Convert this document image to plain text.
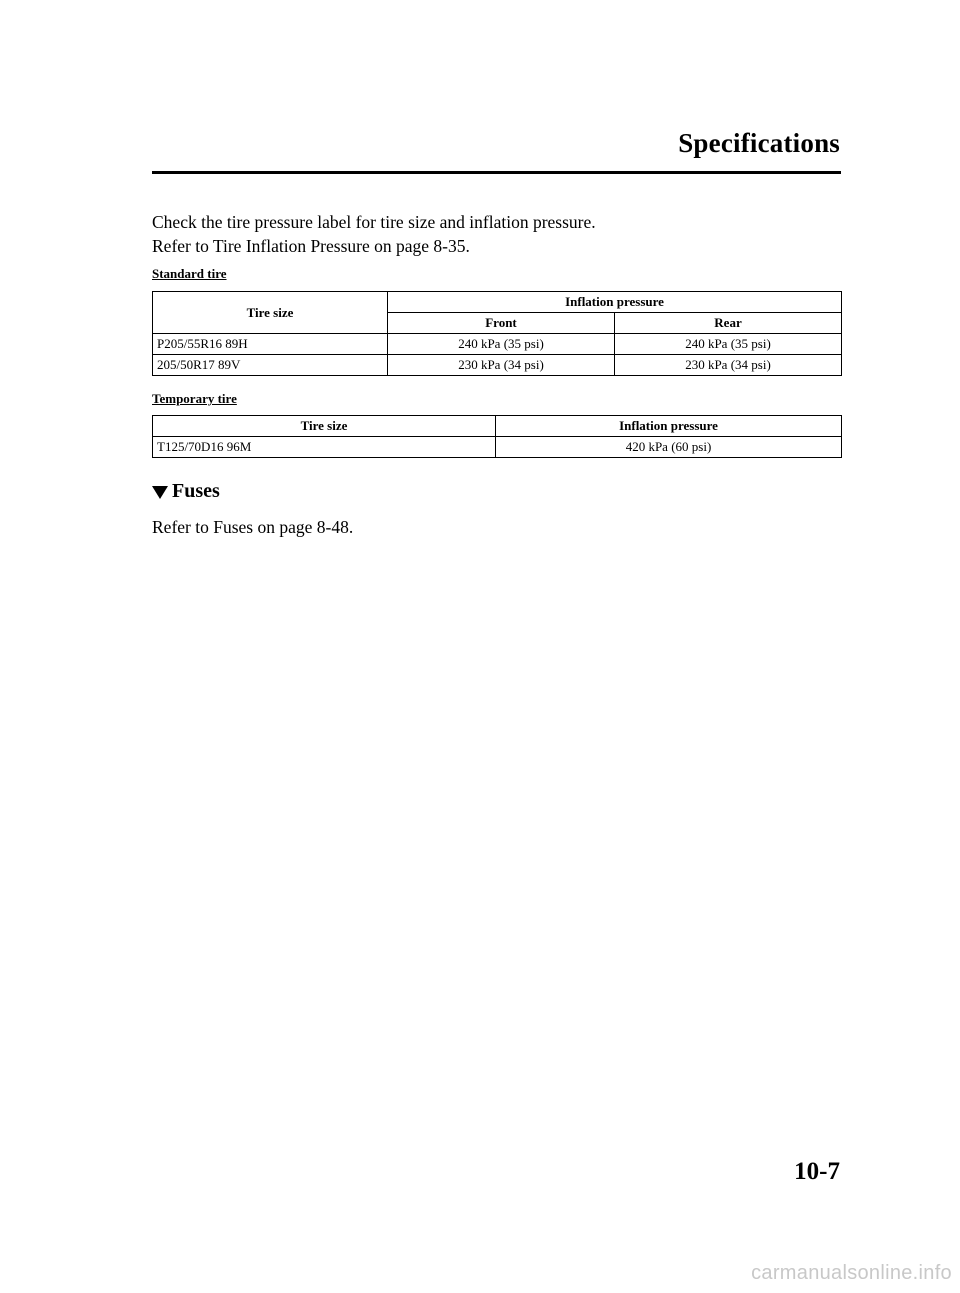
Specifications
Check the tire pressure label for tire size and inflation pressure.
Refer to Tire Inflation Pressure on page 8-35.
Standard tire
Tire size	Inflation pressure	
	Front	Rear
P205/55R16 89H	240 kPa (35 psi)	240 kPa (35 psi)
205/50R17 89V	230 kPa (34 psi)	230 kPa (34 psi)
Temporary tire
Tire size	Inflation pressure
T125/70D16 96M	420 kPa (60 psi)
Fuses
Refer to Fuses on page 8-48.
10-7
carmanualsonline.info
